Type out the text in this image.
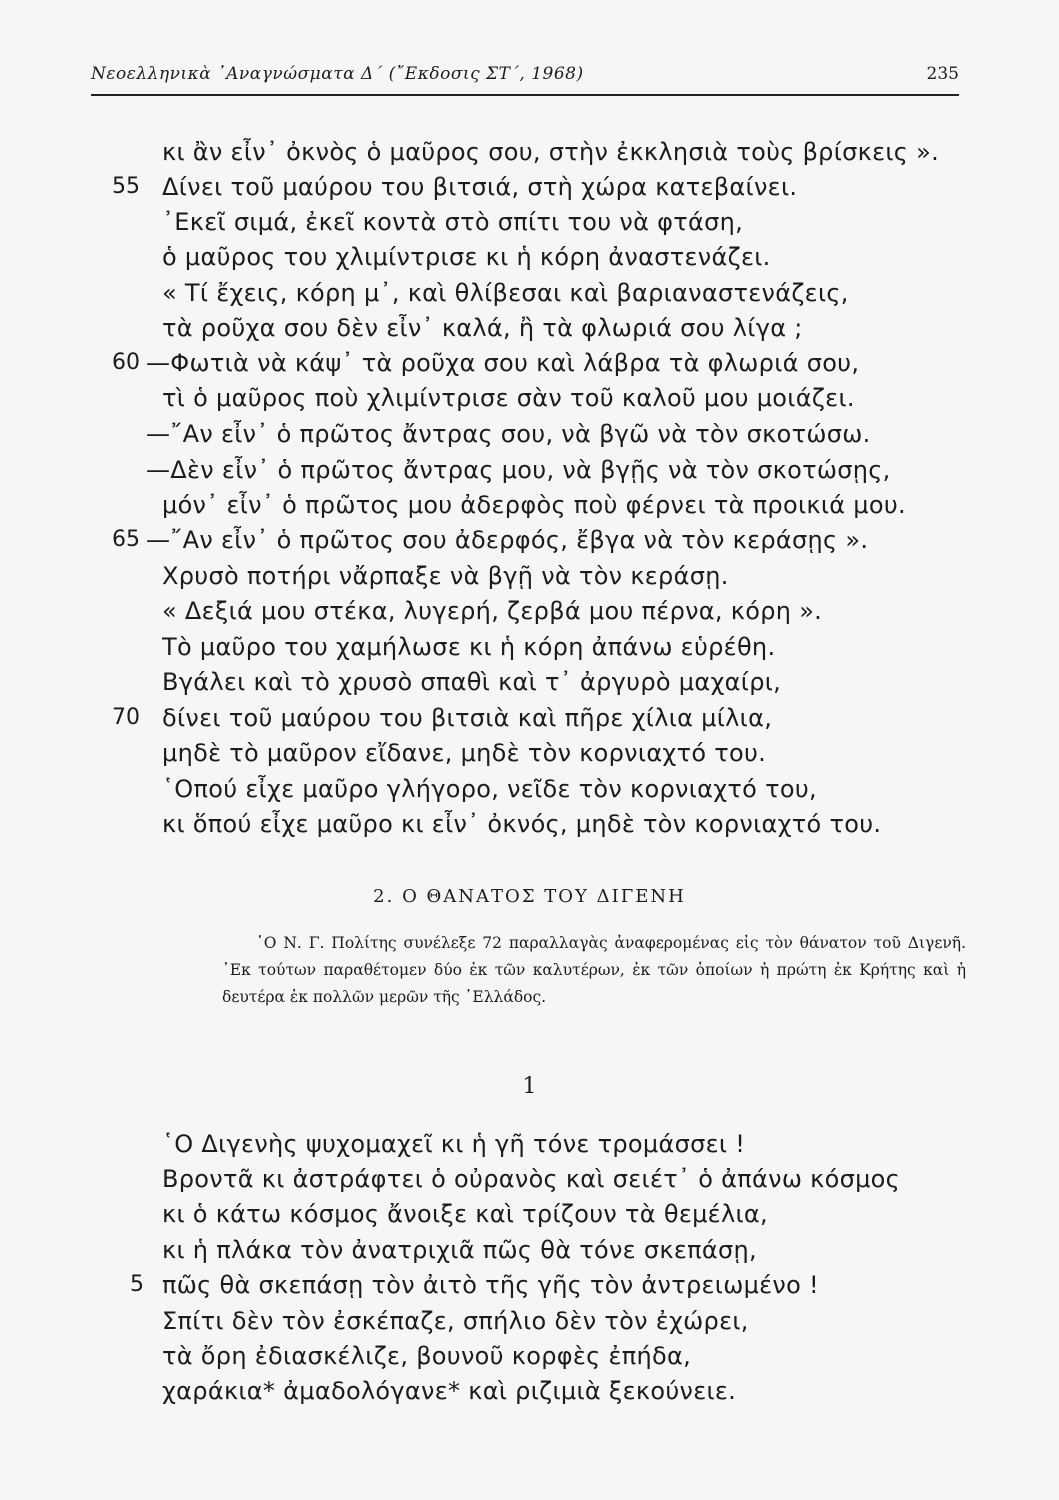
Νεοελληνικὰ ᾿Αναγνώσματα Δ΄ (῎Εκδοσις ΣΤ΄, 1968)	235
κι ἂν εἶν᾿ ὀκνὸς ὁ μαῦρος σου, στὴν ἐκκλησιὰ τοὺς βρίσκεις ».
Δίνει τοῦ μαύρου του βιτσιά, στὴ χώρα κατεβαίνει.
᾿Εκεῖ σιμά, ἐκεῖ κοντὰ στὸ σπίτι του νὰ φτάση,
ὁ μαῦρος του χλιμίντρισε κι ἡ κόρη ἀναστενάζει.
« Τί ἔχεις, κόρη μ᾿, καὶ θλίβεσαι καὶ βαριαναστενάζεις,
τὰ ροῦχα σου δὲν εἶν᾿ καλά, ἢ τὰ φλωριά σου λίγα ;
—Φωτιὰ νὰ κάψ᾿ τὰ ροῦχα σου καὶ λάβρα τὰ φλωριά σου,
τὶ ὁ μαῦρος ποὺ χλιμίντρισε σὰν τοῦ καλοῦ μου μοιάζει.
—῎Αν εἶν᾿ ὁ πρῶτος ἄντρας σου, νὰ βγῶ νὰ τὸν σκοτώσω.
—Δὲν εἶν᾿ ὁ πρῶτος ἄντρας μου, νὰ βγῇς νὰ τὸν σκοτώσῃς,
μόν᾿ εἶν᾿ ὁ πρῶτος μου ἀδερφὸς ποὺ φέρνει τὰ προικιά μου.
—῎Αν εἶν᾿ ὁ πρῶτος σου ἀδερφός, ἔβγα νὰ τὸν κεράσῃς ».
Χρυσὸ ποτήρι νἄρπαξε νὰ βγῇ νὰ τὸν κεράσῃ.
« Δεξιά μου στέκα, λυγερή, ζερβά μου πέρνα, κόρη ».
Τὸ μαῦρο του χαμήλωσε κι ἡ κόρη ἀπάνω εὑρέθη.
Βγάλει καὶ τὸ χρυσὸ σπαθὶ καὶ τ᾿ ἀργυρὸ μαχαίρι,
δίνει τοῦ μαύρου του βιτσιὰ καὶ πῆρε χίλια μίλια,
μηδὲ τὸ μαῦρον εἴδανε, μηδὲ τὸν κορνιαχτό του.
῾Οπού εἶχε μαῦρο γλήγορο, νεῖδε τὸν κορνιαχτό του,
κι ὅπού εἶχε μαῦρο κι εἶν᾿ ὀκνός, μηδὲ τὸν κορνιαχτό του.
55
60
65
70
2. Ο ΘΑΝΑΤΟΣ ΤΟΥ ΔΙΓΕΝΗ
῾Ο Ν. Γ. Πολίτης συνέλεξε 72 παραλλαγὰς ἀναφερομένας εἰς τὸν θάνατον τοῦ Διγενῆ. ᾿Εκ τούτων παραθέτομεν δύο ἐκ τῶν καλυτέρων, ἐκ τῶν ὁποίων ἡ πρώτη ἐκ Κρήτης καὶ ἡ δευτέρα ἐκ πολλῶν μερῶν τῆς ῾Ελλάδος.
1
῾Ο Διγενὴς ψυχομαχεῖ κι ἡ γῆ τόνε τρομάσσει !
Βροντᾶ κι ἀστράφτει ὁ οὐρανὸς καὶ σειέτ᾿ ὁ ἀπάνω κόσμος
κι ὁ κάτω κόσμος ἄνοιξε καὶ τρίζουν τὰ θεμέλια,
κι ἡ πλάκα τὸν ἀνατριχιᾶ πῶς θὰ τόνε σκεπάσῃ,
πῶς θὰ σκεπάσῃ τὸν ἀιτὸ τῆς γῆς τὸν ἀντρειωμένο !
Σπίτι δὲν τὸν ἐσκέπαζε, σπήλιο δὲν τὸν ἐχώρει,
τὰ ὄρη ἐδιασκέλιζε, βουνοῦ κορφὲς ἐπήδα,
χαράκια* ἀμαδολόγανε* καὶ ριζιμιὰ ξεκούνειε.
5
